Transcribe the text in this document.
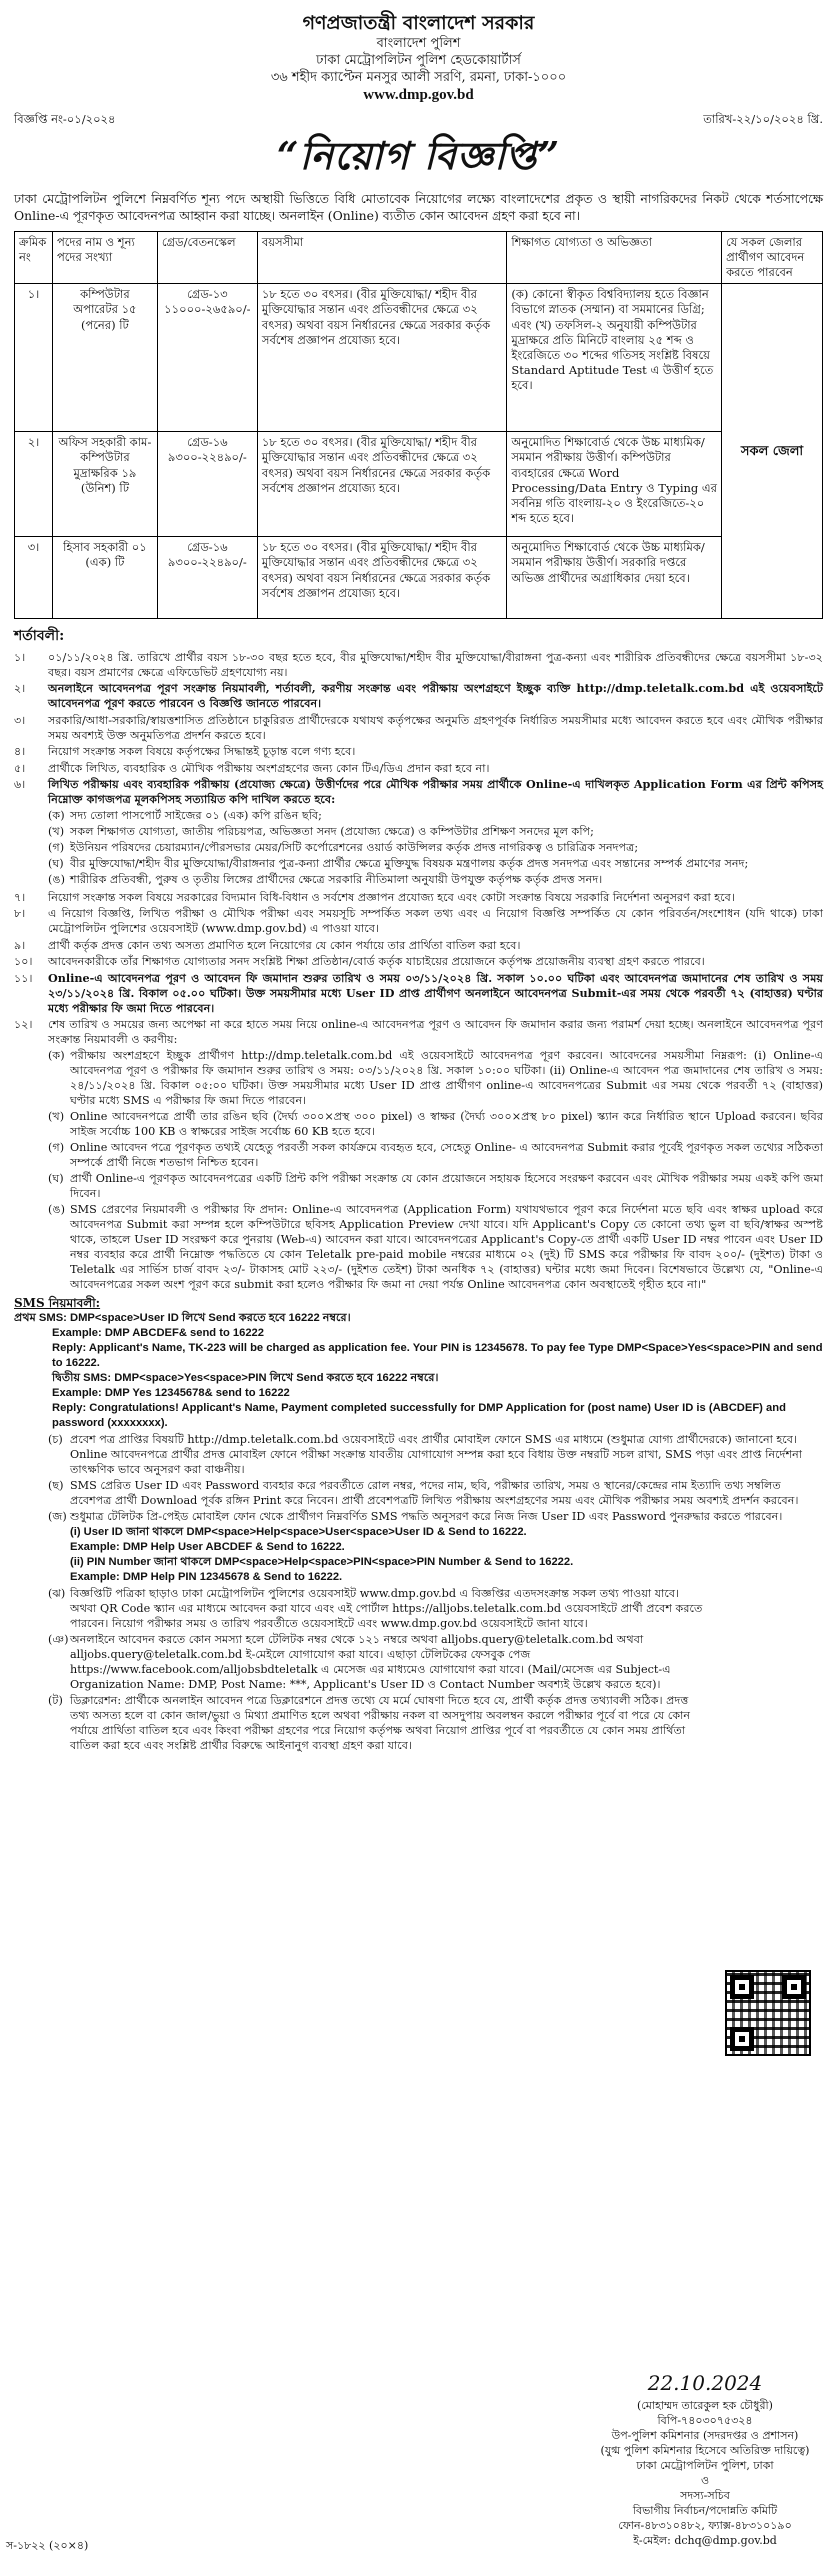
গণপ্রজাতন্ত্রী বাংলাদেশ সরকার
বাংলাদেশ পুলিশ
ঢাকা মেট্রোপলিটন পুলিশ হেডকোয়ার্টার্স
৩৬ শহীদ ক্যাপ্টেন মনসুর আলী সরণি, রমনা, ঢাকা-১০০০
www.dmp.gov.bd
বিজ্ঞপ্তি নং-০১/২০২৪	তারিখ-২২/১০/২০২৪ খ্রি.
“নিয়োগ বিজ্ঞপ্তি”

ঢাকা মেট্রোপলিটন পুলিশে নিম্নবর্ণিত শূন্য পদে অস্থায়ী ভিত্তিতে বিধি মোতাবেক নিয়োগের লক্ষ্যে বাংলাদেশের প্রকৃত ও স্থায়ী নাগরিকদের নিকট থেকে শর্তসাপেক্ষে Online-এ পূরণকৃত আবেদনপত্র আহ্বান করা যাচ্ছে। অনলাইন (Online) ব্যতীত কোন আবেদন গ্রহণ করা হবে না।

ক্রমিক নং	পদের নাম ও শূন্য পদের সংখ্যা	গ্রেড/বেতনস্কেল	বয়সসীমা	শিক্ষাগত যোগ্যতা ও অভিজ্ঞতা	যে সকল জেলার প্রার্থীগণ আবেদন করতে পারবেন
১।	কম্পিউটার অপারেটর ১৫ (পনের) টি	গ্রেড-১৩ ১১০০০-২৬৫৯০/-	১৮ হতে ৩০ বৎসর। (বীর মুক্তিযোদ্ধা/ শহীদ বীর মুক্তিযোদ্ধার সন্তান এবং প্রতিবন্ধীদের ক্ষেত্রে ৩২ বৎসর) অথবা বয়স নির্ধারনের ক্ষেত্রে সরকার কর্তৃক সর্বশেষ প্রজ্ঞাপন প্রযোজ্য হবে।	(ক) কোনো স্বীকৃত বিশ্ববিদ্যালয় হতে বিজ্ঞান বিভাগে স্নাতক (সম্মান) বা সমমানের ডিগ্রি; এবং (খ) তফসিল-২ অনুযায়ী কম্পিউটার মুদ্রাক্ষরে প্রতি মিনিটে বাংলায় ২৫ শব্দ ও ইংরেজিতে ৩০ শব্দের গতিসহ সংশ্লিষ্ট বিষয়ে Standard Aptitude Test এ উত্তীর্ণ হতে হবে।	সকল জেলা
২।	অফিস সহকারী কাম-কম্পিউটার মুদ্রাক্ষরিক ১৯ (উনিশ) টি	গ্রেড-১৬ ৯৩০০-২২৪৯০/-	১৮ হতে ৩০ বৎসর। (বীর মুক্তিযোদ্ধা/ শহীদ বীর মুক্তিযোদ্ধার সন্তান এবং প্রতিবন্ধীদের ক্ষেত্রে ৩২ বৎসর) অথবা বয়স নির্ধারনের ক্ষেত্রে সরকার কর্তৃক সর্বশেষ প্রজ্ঞাপন প্রযোজ্য হবে।	অনুমোদিত শিক্ষাবোর্ড থেকে উচ্চ মাধ্যমিক/সমমান পরীক্ষায় উত্তীর্ণ। কম্পিউটার ব্যবহারের ক্ষেত্রে Word Processing/Data Entry ও Typing এর সর্বনিম্ন গতি বাংলায়-২০ ও ইংরেজিতে-২০ শব্দ হতে হবে।	
৩।	হিসাব সহকারী ০১ (এক) টি	গ্রেড-১৬ ৯৩০০-২২৪৯০/-	১৮ হতে ৩০ বৎসর। (বীর মুক্তিযোদ্ধা/ শহীদ বীর মুক্তিযোদ্ধার সন্তান এবং প্রতিবন্ধীদের ক্ষেত্রে ৩২ বৎসর) অথবা বয়স নির্ধারনের ক্ষেত্রে সরকার কর্তৃক সর্বশেষ প্রজ্ঞাপন প্রযোজ্য হবে।	অনুমোদিত শিক্ষাবোর্ড থেকে উচ্চ মাধ্যমিক/সমমান পরীক্ষায় উত্তীর্ণ। সরকারি দপ্তরে অভিজ্ঞ প্রার্থীদের অগ্রাধিকার দেয়া হবে।	
শর্তাবলী:
১।	০১/১১/২০২৪ খ্রি. তারিখে প্রার্থীর বয়স ১৮-৩০ বছর হতে হবে, বীর মুক্তিযোদ্ধা/শহীদ বীর মুক্তিযোদ্ধা/বীরাঙ্গনা পুত্র-কন্যা এবং শারীরিক প্রতিবন্ধীদের ক্ষেত্রে বয়সসীমা ১৮-৩২ বছর। বয়স প্রমাণের ক্ষেত্রে এফিডেভিট গ্রহণযোগ্য নয়।
২।	অনলাইনে আবেদনপত্র পূরণ সংক্রান্ত নিয়মাবলী, শর্তাবলী, করণীয় সংক্রান্ত এবং পরীক্ষায় অংশগ্রহণে ইচ্ছুক ব্যক্তি http://dmp.teletalk.com.bd এই ওয়েবসাইটে আবেদনপত্র পূরণ করতে পারবেন ও বিজ্ঞপ্তি জানতে পারবেন।
৩।	সরকারি/আধা-সরকারি/স্বায়ত্তশাসিত প্রতিষ্ঠানে চাকুরিরত প্রার্থীদেরকে যথাযথ কর্তৃপক্ষের অনুমতি গ্রহণপূর্বক নির্ধারিত সময়সীমার মধ্যে আবেদন করতে হবে এবং মৌখিক পরীক্ষার সময় অবশ্যই উক্ত অনুমতিপত্র প্রদর্শন করতে হবে।
৪।	নিয়োগ সংক্রান্ত সকল বিষয়ে কর্তৃপক্ষের সিদ্ধান্তই চূড়ান্ত বলে গণ্য হবে।
৫।	প্রার্থীকে লিখিত, ব্যবহারিক ও মৌখিক পরীক্ষায় অংশগ্রহণের জন্য কোন টিএ/ডিএ প্রদান করা হবে না।
৬।	লিখিত পরীক্ষায় এবং ব্যবহারিক পরীক্ষায় (প্রযোজ্য ক্ষেত্রে) উত্তীর্ণদের পরে মৌখিক পরীক্ষার সময় প্রার্থীকে Online-এ দাখিলকৃত Application Form এর প্রিন্ট কপিসহ নিম্নোক্ত কাগজপত্র মূলকপিসহ সত্যায়িত কপি দাখিল করতে হবে:
(ক) সদ্য তোলা পাসপোর্ট সাইজের ০১ (এক) কপি রঙিন ছবি;
(খ) সকল শিক্ষাগত যোগ্যতা, জাতীয় পরিচয়পত্র, অভিজ্ঞতা সনদ (প্রযোজ্য ক্ষেত্রে) ও কম্পিউটার প্রশিক্ষণ সনদের মূল কপি;
(গ) ইউনিয়ন পরিষদের চেয়ারম্যান/পৌরসভার মেয়র/সিটি কর্পোরেশনের ওয়ার্ড কাউন্সিলর কর্তৃক প্রদত্ত নাগরিকত্ব ও চারিত্রিক সনদপত্র;
(ঘ) বীর মুক্তিযোদ্ধা/শহীদ বীর মুক্তিযোদ্ধা/বীরাঙ্গনার পুত্র-কন্যা প্রার্থীর ক্ষেত্রে মুক্তিযুদ্ধ বিষয়ক মন্ত্রণালয় কর্তৃক প্রদত্ত সনদপত্র এবং সন্তানের সম্পর্ক প্রমাণের সনদ;
(ঙ) শারীরিক প্রতিবন্ধী, পুরুষ ও তৃতীয় লিঙ্গের প্রার্থীদের ক্ষেত্রে সরকারি নীতিমালা অনুযায়ী উপযুক্ত কর্তৃপক্ষ কর্তৃক প্রদত্ত সনদ।
৭।	নিয়োগ সংক্রান্ত সকল বিষয়ে সরকারের বিদ্যমান বিধি-বিধান ও সর্বশেষ প্রজ্ঞাপন প্রযোজ্য হবে এবং কোটা সংক্রান্ত বিষয়ে সরকারি নির্দেশনা অনুসরণ করা হবে।
৮।	এ নিয়োগ বিজ্ঞপ্তি, লিখিত পরীক্ষা ও মৌখিক পরীক্ষা এবং সময়সূচি সম্পর্কিত সকল তথ্য এবং এ নিয়োগ বিজ্ঞপ্তি সম্পর্কিত যে কোন পরিবর্তন/সংশোধন (যদি থাকে) ঢাকা মেট্রোপলিটন পুলিশের ওয়েবসাইট (www.dmp.gov.bd) এ পাওয়া যাবে।
৯।	প্রার্থী কর্তৃক প্রদত্ত কোন তথ্য অসত্য প্রমাণিত হলে নিয়োগের যে কোন পর্যায়ে তার প্রার্থিতা বাতিল করা হবে।
১০।	আবেদনকারীকে তাঁর শিক্ষাগত যোগ্যতার সনদ সংশ্লিষ্ট শিক্ষা প্রতিষ্ঠান/বোর্ড কর্তৃক যাচাইয়ের প্রয়োজনে কর্তৃপক্ষ প্রয়োজনীয় ব্যবস্থা গ্রহণ করতে পারবে।
১১।	Online-এ আবেদনপত্র পূরণ ও আবেদন ফি জমাদান শুরুর তারিখ ও সময় ০৩/১১/২০২৪ খ্রি. সকাল ১০.০০ ঘটিকা এবং আবেদনপত্র জমাদানের শেষ তারিখ ও সময় ২৩/১১/২০২৪ খ্রি. বিকাল ০৫.০০ ঘটিকা। উক্ত সময়সীমার মধ্যে User ID প্রাপ্ত প্রার্থীগণ অনলাইনে আবেদনপত্র Submit-এর সময় থেকে পরবর্তী ৭২ (বাহাত্তর) ঘণ্টার মধ্যে পরীক্ষার ফি জমা দিতে পারবেন।
১২।	শেষ তারিখ ও সময়ের জন্য অপেক্ষা না করে হাতে সময় নিয়ে online-এ আবেদনপত্র পূরণ ও আবেদন ফি জমাদান করার জন্য পরামর্শ দেয়া হচ্ছে। অনলাইনে আবেদনপত্র পূরণ সংক্রান্ত নিয়মাবলী ও করণীয়:
(ক) পরীক্ষায় অংশগ্রহণে ইচ্ছুক প্রার্থীগণ http://dmp.teletalk.com.bd এই ওয়েবসাইটে আবেদনপত্র পূরণ করবেন। আবেদনের সময়সীমা নিম্নরূপ: (i) Online-এ আবেদনপত্র পূরণ ও পরীক্ষার ফি জমাদান শুরুর তারিখ ও সময়: ০৩/১১/২০২৪ খ্রি. সকাল ১০:০০ ঘটিকা। (ii) Online-এ আবেদন পত্র জমাদানের শেষ তারিখ ও সময়: ২৪/১১/২০২৪ খ্রি. বিকাল ০৫:০০ ঘটিকা। উক্ত সময়সীমার মধ্যে User ID প্রাপ্ত প্রার্থীগণ online-এ আবেদনপত্রের Submit এর সময় থেকে পরবর্তী ৭২ (বাহাত্তর) ঘণ্টার মধ্যে SMS এ পরীক্ষার ফি জমা দিতে পারবেন।
(খ) Online আবেদনপত্রে প্রার্থী তার রঙিন ছবি (দৈর্ঘ্য ৩০০×প্রস্থ ৩০০ pixel) ও স্বাক্ষর (দৈর্ঘ্য ৩০০×প্রস্থ ৮০ pixel) স্ক্যান করে নির্ধারিত স্থানে Upload করবেন। ছবির সাইজ সর্বোচ্চ 100 KB ও স্বাক্ষরের সাইজ সর্বোচ্চ 60 KB হতে হবে।
(গ) Online আবেদন পত্রে পূরণকৃত তথ্যই যেহেতু পরবর্তী সকল কার্যক্রমে ব্যবহৃত হবে, সেহেতু Online- এ আবেদনপত্র Submit করার পূর্বেই পূরণকৃত সকল তথ্যের সঠিকতা সম্পর্কে প্রার্থী নিজে শতভাগ নিশ্চিত হবেন।
(ঘ) প্রার্থী Online-এ পূরণকৃত আবেদনপত্রের একটি প্রিন্ট কপি পরীক্ষা সংক্রান্ত যে কোন প্রয়োজনে সহায়ক হিসেবে সংরক্ষণ করবেন এবং মৌখিক পরীক্ষার সময় একই কপি জমা দিবেন।
(ঙ) SMS প্রেরণের নিয়মাবলী ও পরীক্ষার ফি প্রদান: Online-এ আবেদনপত্র (Application Form) যথাযথভাবে পূরণ করে নির্দেশনা মতে ছবি এবং স্বাক্ষর upload করে আবেদনপত্র Submit করা সম্পন্ন হলে কম্পিউটারে ছবিসহ Application Preview দেখা যাবে। যদি Applicant's Copy তে কোনো তথ্য ভুল বা ছবি/স্বাক্ষর অস্পষ্ট থাকে, তাহলে User ID সংরক্ষণ করে পুনরায় (Web-এ) আবেদন করা যাবে। আবেদনপত্রের Applicant's Copy-তে প্রার্থী একটি User ID নম্বর পাবেন এবং User ID নম্বর ব্যবহার করে প্রার্থী নিম্নোক্ত পদ্ধতিতে যে কোন Teletalk pre-paid mobile নম্বরের মাধ্যমে ০২ (দুই) টি SMS করে পরীক্ষার ফি বাবদ ২০০/- (দুইশত) টাকা ও Teletalk এর সার্ভিস চার্জ বাবদ ২৩/- টাকাসহ মোট ২২৩/- (দুইশত তেইশ) টাকা অনধিক ৭২ (বাহাত্তর) ঘন্টার মধ্যে জমা দিবেন। বিশেষভাবে উল্লেখ্য যে, "Online-এ আবেদনপত্রের সকল অংশ পূরণ করে submit করা হলেও পরীক্ষার ফি জমা না দেয়া পর্যন্ত Online আবেদনপত্র কোন অবস্থাতেই গৃহীত হবে না।"
SMS নিয়মাবলী:
প্রথম SMS: DMP<space>User ID লিখে Send করতে হবে 16222 নম্বরে।
Example: DMP ABCDEF& send to 16222
Reply: Applicant's Name, TK-223 will be charged as application fee. Your PIN is 12345678. To pay fee Type DMP<Space>Yes<space>PIN and send to 16222.
দ্বিতীয় SMS: DMP<space>Yes<space>PIN লিখে Send করতে হবে 16222 নম্বরে।
Example: DMP Yes 12345678& send to 16222
Reply: Congratulations! Applicant's Name, Payment completed successfully for DMP Application for (post name) User ID is (ABCDEF) and password (xxxxxxxx).
(চ) প্রবেশ পত্র প্রাপ্তির বিষয়টি http://dmp.teletalk.com.bd ওয়েবসাইটে এবং প্রার্থীর মোবাইল ফোনে SMS এর মাধ্যমে (শুধুমাত্র যোগ্য প্রার্থীদেরকে) জানানো হবে। Online আবেদনপত্রে প্রার্থীর প্রদত্ত মোবাইল ফোনে পরীক্ষা সংক্রান্ত যাবতীয় যোগাযোগ সম্পন্ন করা হবে বিধায় উক্ত নম্বরটি সচল রাখা, SMS পড়া এবং প্রাপ্ত নির্দেশনা তাৎক্ষণিক ভাবে অনুসরণ করা বাঞ্চনীয়।
(ছ) SMS প্রেরিত User ID এবং Password ব্যবহার করে পরবর্তীতে রোল নম্বর, পদের নাম, ছবি, পরীক্ষার তারিখ, সময় ও স্থানের/কেন্দ্রের নাম ইত্যাদি তথ্য সম্বলিত প্রবেশপত্র প্রার্থী Download পূর্বক রঙ্গিন Print করে নিবেন। প্রার্থী প্রবেশপত্রটি লিখিত পরীক্ষায় অংশগ্রহণের সময় এবং মৌখিক পরীক্ষার সময় অবশ্যই প্রদর্শন করবেন।
(জ) শুধুমাত্র টেলিটক প্রি-পেইড মোবাইল ফোন থেকে প্রার্থীগণ নিম্নবর্ণিত SMS পদ্ধতি অনুসরণ করে নিজ নিজ User ID এবং Password পুনরুদ্ধার করতে পারবেন।
(i) User ID জানা থাকলে DMP<space>Help<space>User<space>User ID & Send to 16222.
Example: DMP Help User ABCDEF & Send to 16222.
(ii) PIN Number জানা থাকলে DMP<space>Help<space>PIN<space>PIN Number & Send to 16222.
Example: DMP Help PIN 12345678 & Send to 16222.
(ঝ) বিজ্ঞপ্তিটি পত্রিকা ছাড়াও ঢাকা মেট্রোপলিটন পুলিশের ওয়েবসাইট www.dmp.gov.bd এ বিজ্ঞপ্তির এতদসংক্রান্ত সকল তথ্য পাওয়া যাবে। অথবা QR Code স্ক্যান এর মাধ্যমে আবেদন করা যাবে এবং এই পোর্টাল https://alljobs.teletalk.com.bd ওয়েবসাইটে প্রার্থী প্রবেশ করতে পারবেন। নিয়োগ পরীক্ষার সময় ও তারিখ পরবর্তীতে ওয়েবসাইটে এবং www.dmp.gov.bd ওয়েবসাইটে জানা যাবে।
(ঞ) অনলাইনে আবেদন করতে কোন সমস্যা হলে টেলিটক নম্বর থেকে ১২১ নম্বরে অথবা alljobs.query@teletalk.com.bd অথবা alljobs.query@teletalk.com.bd ই-মেইলে যোগাযোগ করা যাবে। এছাড়া টেলিটকের ফেসবুক পেজ https://www.facebook.com/alljobsbdteletalk এ মেসেজ এর মাধ্যমেও যোগাযোগ করা যাবে। (Mail/মেসেজ এর Subject-এ Organization Name: DMP, Post Name: ***, Applicant's User ID ও Contact Number অবশ্যই উল্লেখ করতে হবে)।
(ট) ডিক্লারেশন: প্রার্থীকে অনলাইন আবেদন পত্রে ডিক্লারেশনে প্রদত্ত তথ্যে যে মর্মে ঘোষণা দিতে হবে যে, প্রার্থী কর্তৃক প্রদত্ত তথ্যাবলী সঠিক। প্রদত্ত তথ্য অসত্য হলে বা কোন জাল/ভুয়া ও মিথ্যা প্রমাণিত হলে অথবা পরীক্ষায় নকল বা অসদুপায় অবলম্বন করলে পরীক্ষার পূর্বে বা পরে যে কোন পর্যায়ে প্রার্থিতা বাতিল হবে এবং কিংবা পরীক্ষা গ্রহণের পরে নিয়োগ কর্তৃপক্ষ অথবা নিয়োগ প্রাপ্তির পূর্বে বা পরবর্তীতে যে কোন সময় প্রার্থিতা বাতিল করা হবে এবং সংশ্লিষ্ট প্রার্থীর বিরুদ্ধে আইনানুগ ব্যবস্থা গ্রহণ করা যাবে।
22.10.2024
(মোহাম্মদ তারেকুল হক চৌধুরী)
বিপি-৭৪০৩০৭৫৩২৪
উপ-পুলিশ কমিশনার (সদরদপ্তর ও প্রশাসন)
(যুগ্ম পুলিশ কমিশনার হিসেবে অতিরিক্ত দায়িত্বে)
ঢাকা মেট্রোপলিটন পুলিশ, ঢাকা
ও
সদস্য-সচিব
বিভাগীয় নির্বাচন/পদোন্নতি কমিটি
ফোন-৪৮৩১০৪৮২, ফ্যাক্স-৪৮৩১০১৯০
ই-মেইল: dchq@dmp.gov.bd
স-১৮২২ (২০×৪)
